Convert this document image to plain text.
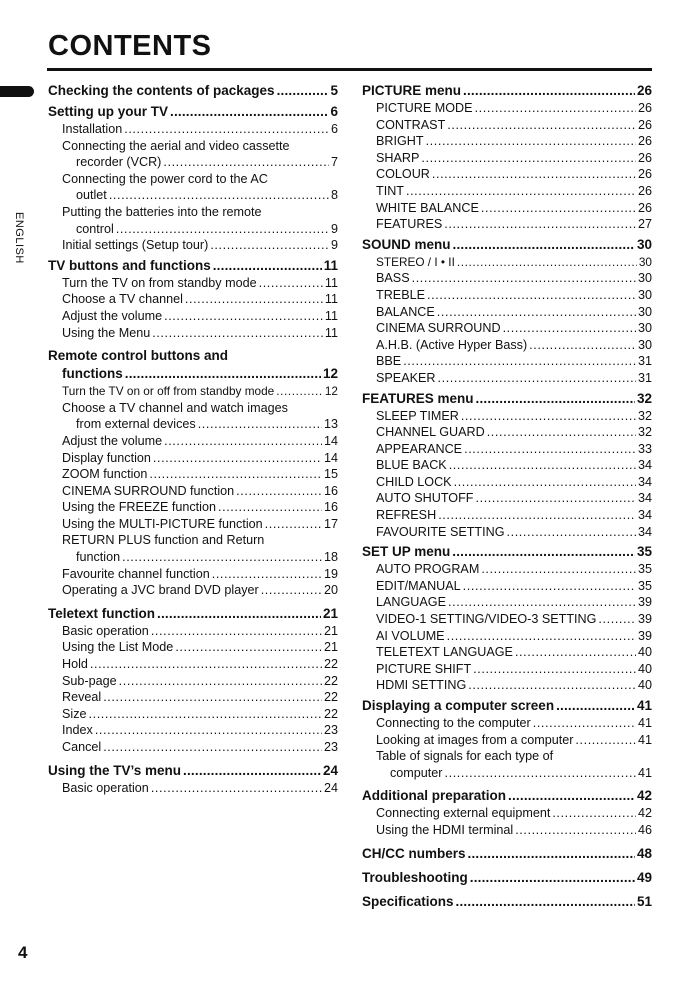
CONTENTS
ENGLISH
Checking the contents of packages .....	5
Setting up your TV .....	6
Installation .....	6
Connecting the aerial and video cassette
recorder (VCR) .....	7
Connecting the power cord to the AC
outlet .....	8
Putting the batteries into the remote
control .....	9
Initial settings (Setup tour) .....	9
TV buttons and functions .....	11
Turn the TV on from standby mode .....	11
Choose a TV channel .....	11
Adjust the volume .....	11
Using the Menu .....	11
Remote control buttons and
functions .....	12
Turn the TV on or off from standby mode .....	12
Choose a TV channel and watch images
from external devices .....	13
Adjust the volume .....	14
Display function .....	14
ZOOM function .....	15
CINEMA SURROUND function .....	16
Using the FREEZE function .....	16
Using the MULTI-PICTURE function .....	17
RETURN PLUS function and Return
function .....	18
Favourite channel function .....	19
Operating a JVC brand DVD player .....	20
Teletext function .....	21
Basic operation .....	21
Using the List Mode .....	21
Hold .....	22
Sub-page .....	22
Reveal .....	22
Size .....	22
Index .....	23
Cancel .....	23
Using the TV’s menu .....	24
Basic operation .....	24
PICTURE menu .....	26
PICTURE MODE .....	26
CONTRAST .....	26
BRIGHT .....	26
SHARP .....	26
COLOUR .....	26
TINT .....	26
WHITE BALANCE .....	26
FEATURES .....	27
SOUND menu .....	30
STEREO / I • II .....	30
BASS .....	30
TREBLE .....	30
BALANCE .....	30
CINEMA SURROUND .....	30
A.H.B. (Active Hyper Bass) .....	30
BBE .....	31
SPEAKER .....	31
FEATURES menu .....	32
SLEEP TIMER .....	32
CHANNEL GUARD .....	32
APPEARANCE .....	33
BLUE BACK .....	34
CHILD LOCK .....	34
AUTO SHUTOFF .....	34
REFRESH .....	34
FAVOURITE SETTING .....	34
SET UP menu .....	35
AUTO PROGRAM .....	35
EDIT/MANUAL .....	35
LANGUAGE .....	39
VIDEO-1 SETTING/VIDEO-3 SETTING .....	39
AI VOLUME .....	39
TELETEXT LANGUAGE .....	40
PICTURE SHIFT .....	40
HDMI SETTING .....	40
Displaying a computer screen .....	41
Connecting to the computer .....	41
Looking at images from a computer .....	41
Table of signals for each type of
computer .....	41
Additional preparation .....	42
Connecting external equipment .....	42
Using the HDMI terminal .....	46
CH/CC numbers .....	48
Troubleshooting .....	49
Specifications .....	51
4
